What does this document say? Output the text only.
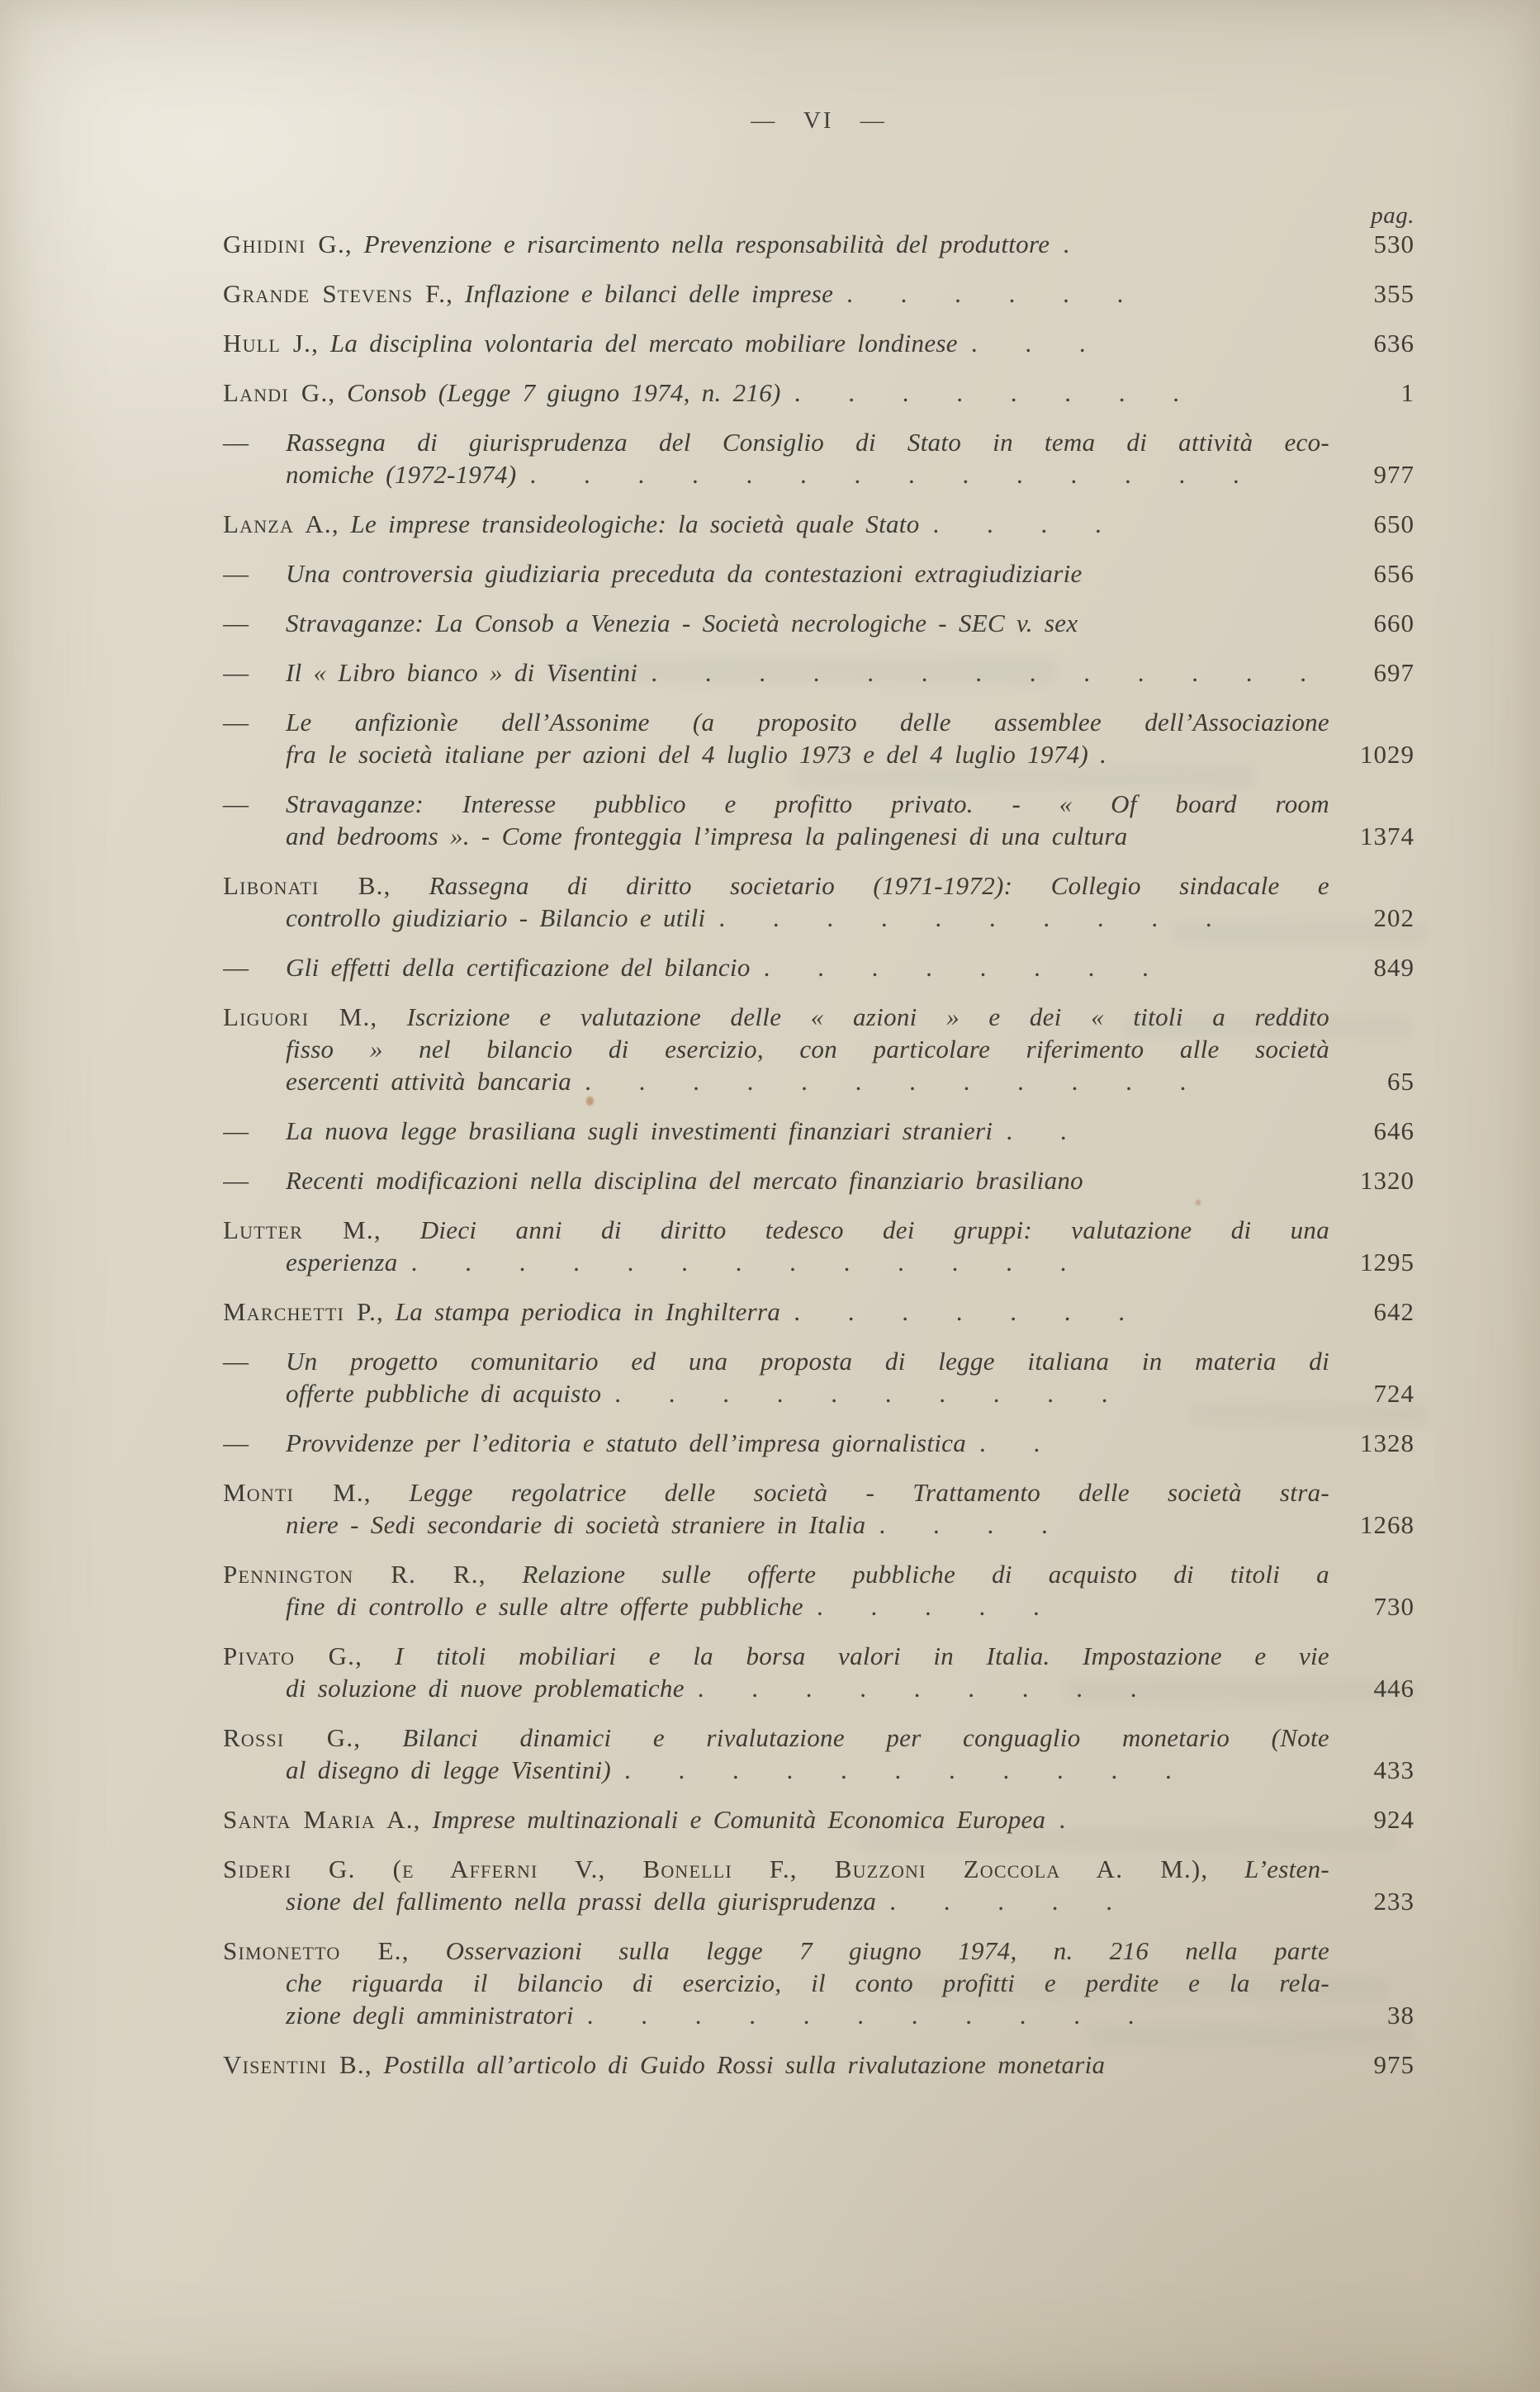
— VI —
pag.
Ghidini G., Prevenzione e risarcimento nella responsabilità del produttore .	530
Grande Stevens F., Inflazione e bilanci delle imprese . . . . . .	355
Hull J., La disciplina volontaria del mercato mobiliare londinese . . .	636
Landi G., Consob (Legge 7 giugno 1974, n. 216) . . . . . . . .	1
— Rassegna di giurisprudenza del Consiglio di Stato in tema di attività eco-
nomiche (1972-1974) . . . . . . . . . . . . . .	977
Lanza A., Le imprese transideologiche: la società quale Stato . . . .	650
— Una controversia giudiziaria preceduta da contestazioni extragiudiziarie	656
— Stravaganze: La Consob a Venezia - Società necrologiche - SEC v. sex	660
— Il « Libro bianco » di Visentini . . . . . . . . . . . . .	697
— Le anfizionìe dell’Assonime (a proposito delle assemblee dell’Associazione
fra le società italiane per azioni del 4 luglio 1973 e del 4 luglio 1974) .	1029
— Stravaganze: Interesse pubblico e profitto privato. - « Of board room
and bedrooms ». - Come fronteggia l’impresa la palingenesi di una cultura	1374
Libonati B., Rassegna di diritto societario (1971-1972): Collegio sindacale e
controllo giudiziario - Bilancio e utili . . . . . . . . . .	202
— Gli effetti della certificazione del bilancio . . . . . . . .	849
Liguori M., Iscrizione e valutazione delle « azioni » e dei « titoli a reddito
fisso » nel bilancio di esercizio, con particolare riferimento alle società
esercenti attività bancaria . . . . . . . . . . . .	65
— La nuova legge brasiliana sugli investimenti finanziari stranieri . .	646
— Recenti modificazioni nella disciplina del mercato finanziario brasiliano	1320
Lutter M., Dieci anni di diritto tedesco dei gruppi: valutazione di una
esperienza . . . . . . . . . . . . .	1295
Marchetti P., La stampa periodica in Inghilterra . . . . . . .	642
— Un progetto comunitario ed una proposta di legge italiana in materia di
offerte pubbliche di acquisto . . . . . . . . . .	724
— Provvidenze per l’editoria e statuto dell’impresa giornalistica . .	1328
Monti M., Legge regolatrice delle società - Trattamento delle società stra-
niere - Sedi secondarie di società straniere in Italia . . . .	1268
Pennington R. R., Relazione sulle offerte pubbliche di acquisto di titoli a
fine di controllo e sulle altre offerte pubbliche . . . . .	730
Pivato G., I titoli mobiliari e la borsa valori in Italia. Impostazione e vie
di soluzione di nuove problematiche . . . . . . . . .	446
Rossi G., Bilanci dinamici e rivalutazione per conguaglio monetario (Note
al disegno di legge Visentini) . . . . . . . . . . .	433
Santa Maria A., Imprese multinazionali e Comunità Economica Europea .	924
Sideri G. (e Afferni V., Bonelli F., Buzzoni Zoccola A. M.), L’esten-
sione del fallimento nella prassi della giurisprudenza . . . . .	233
Simonetto E., Osservazioni sulla legge 7 giugno 1974, n. 216 nella parte
che riguarda il bilancio di esercizio, il conto profitti e perdite e la rela-
zione degli amministratori . . . . . . . . . . .	38
Visentini B., Postilla all’articolo di Guido Rossi sulla rivalutazione monetaria	975
